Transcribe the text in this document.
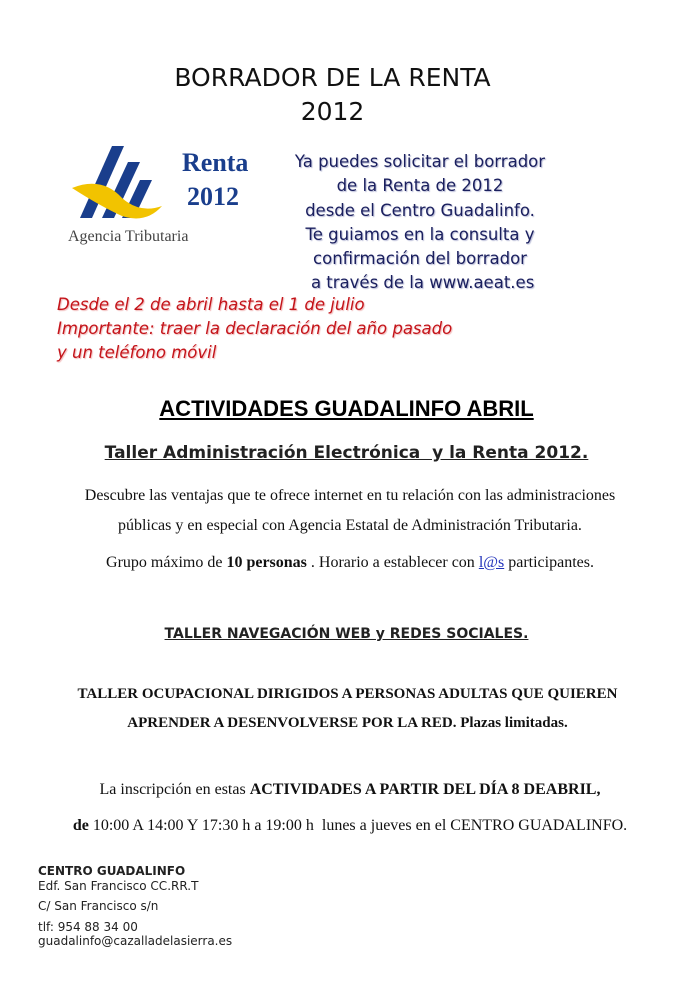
BORRADOR DE LA RENTA
2012
Renta
2012
Agencia Tributaria
Ya puedes solicitar el borrador
de la Renta de 2012
desde el Centro Guadalinfo.
Te guiamos en la consulta y
confirmación del borrador
a través de la www.aeat.es
Desde el 2 de abril hasta el 1 de julio
Importante: traer la declaración del año pasado
y un teléfono móvil
ACTIVIDADES GUADALINFO ABRIL
Taller Administración Electrónica  y la Renta 2012.
Descubre las ventajas que te ofrece internet en tu relación con las administraciones
públicas y en especial con Agencia Estatal de Administración Tributaria.
Grupo máximo de 10 personas . Horario a establecer con l@s participantes.
TALLER NAVEGACIÓN WEB y REDES SOCIALES.
TALLER OCUPACIONAL DIRIGIDOS A PERSONAS ADULTAS QUE QUIEREN
APRENDER A DESENVOLVERSE POR LA RED. Plazas limitadas.
La inscripción en estas ACTIVIDADES A PARTIR DEL DÍA 8 DEABRIL,
de 10:00 A 14:00 Y 17:30 h a 19:00 h  lunes a jueves en el CENTRO GUADALINFO.
CENTRO GUADALINFO
Edf. San Francisco CC.RR.T
C/ San Francisco s/n
tlf: 954 88 34 00
guadalinfo@cazalladelasierra.es
